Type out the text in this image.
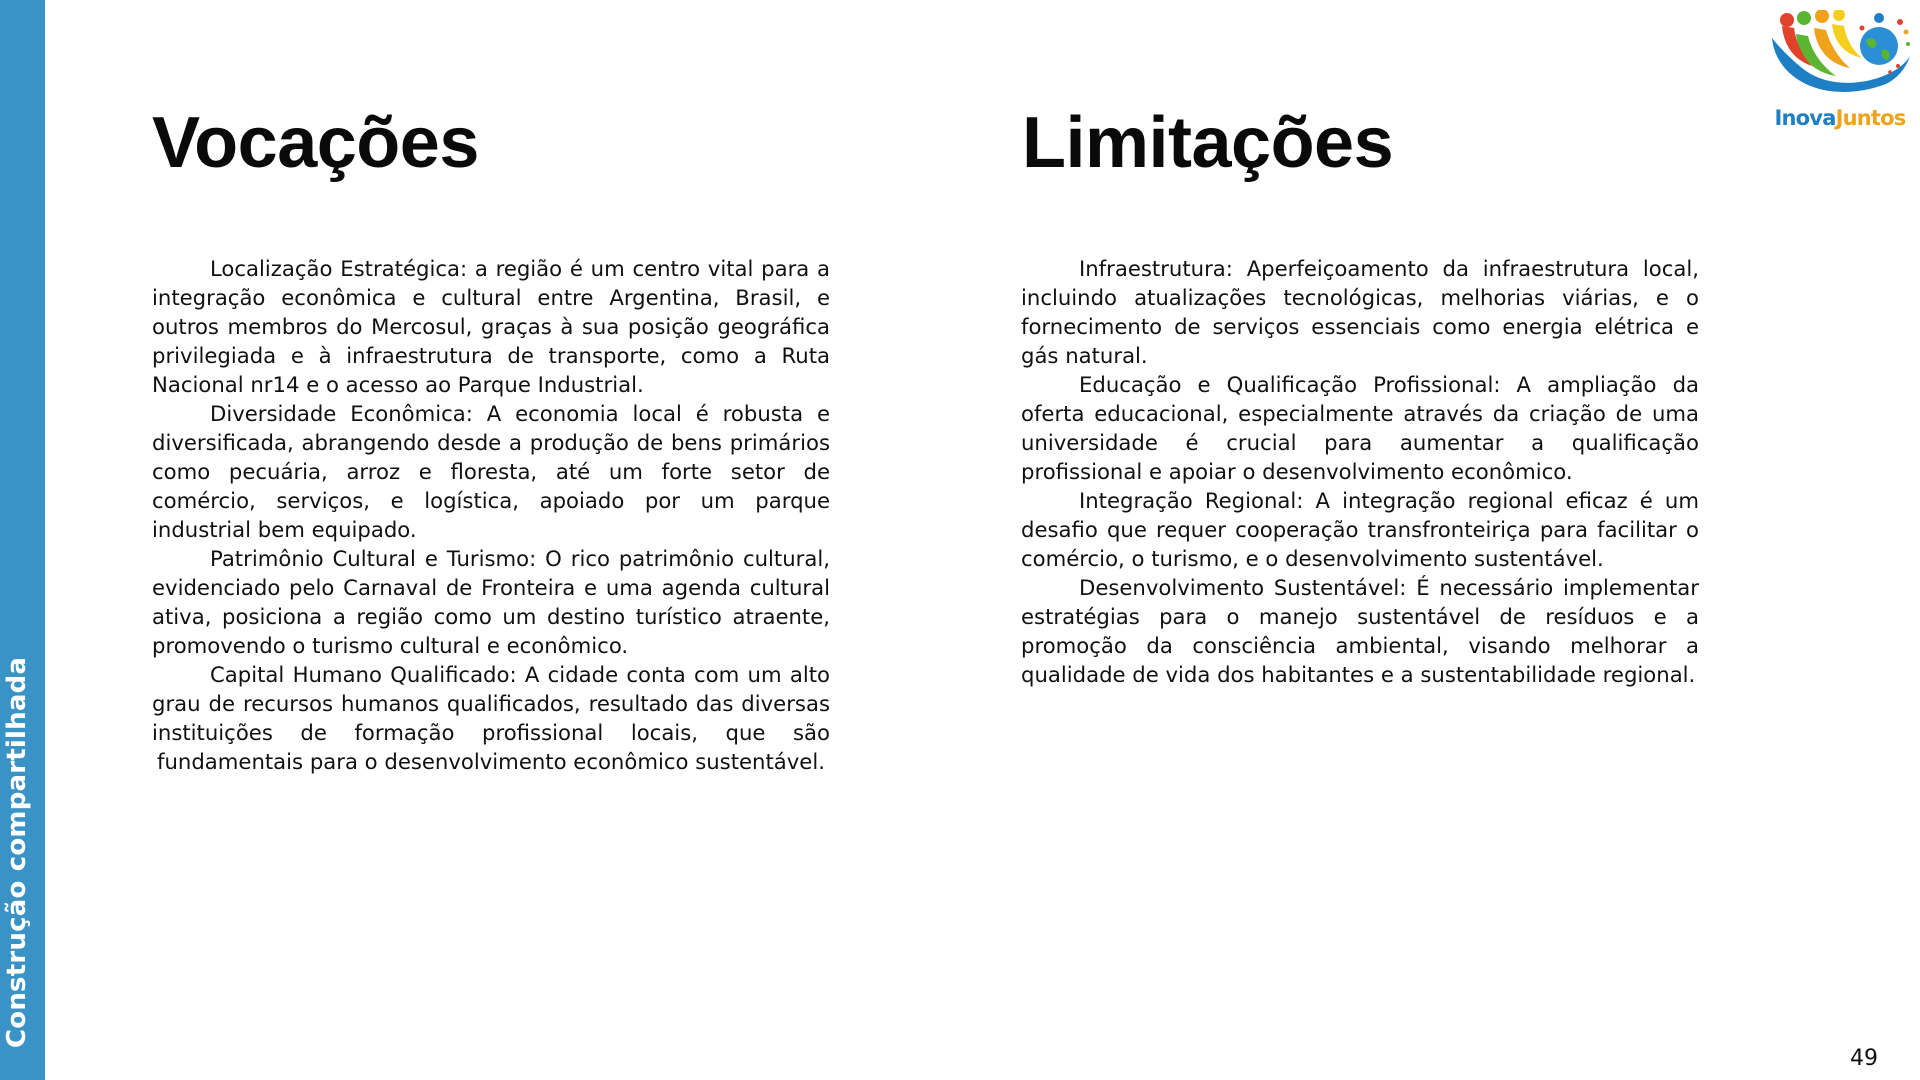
Construção compartilhada
Vocações	Limitações

Localização Estratégica: a região é um centro vital para a integração econômica e cultural entre Argentina, Brasil, e outros membros do Mercosul, graças à sua posição geográfica privilegiada e à infraestrutura de transporte, como a Ruta Nacional nr14 e o acesso ao Parque Industrial.

Diversidade Econômica: A economia local é robusta e diversificada, abrangendo desde a produção de bens primários como pecuária, arroz e floresta, até um forte setor de comércio, serviços, e logística, apoiado por um parque industrial bem equipado.

Patrimônio Cultural e Turismo: O rico patrimônio cultural, evidenciado pelo Carnaval de Fronteira e uma agenda cultural ativa, posiciona a região como um destino turístico atraente, promovendo o turismo cultural e econômico.

Capital Humano Qualificado: A cidade conta com um alto grau de recursos humanos qualificados, resultado das diversas instituições de formação profissional locais, que são fundamentais para o desenvolvimento econômico sustentável.

Infraestrutura: Aperfeiçoamento da infraestrutura local, incluindo atualizações tecnológicas, melhorias viárias, e o fornecimento de serviços essenciais como energia elétrica e gás natural.

Educação e Qualificação Profissional: A ampliação da oferta educacional, especialmente através da criação de uma universidade é crucial para aumentar a qualificação profissional e apoiar o desenvolvimento econômico.

Integração Regional: A integração regional eficaz é um desafio que requer cooperação transfronteiriça para facilitar o comércio, o turismo, e o desenvolvimento sustentável.

Desenvolvimento Sustentável: É necessário implementar estratégias para o manejo sustentável de resíduos e a promoção da consciência ambiental, visando melhorar a qualidade de vida dos habitantes e a sustentabilidade regional.

InovaJuntos
49
